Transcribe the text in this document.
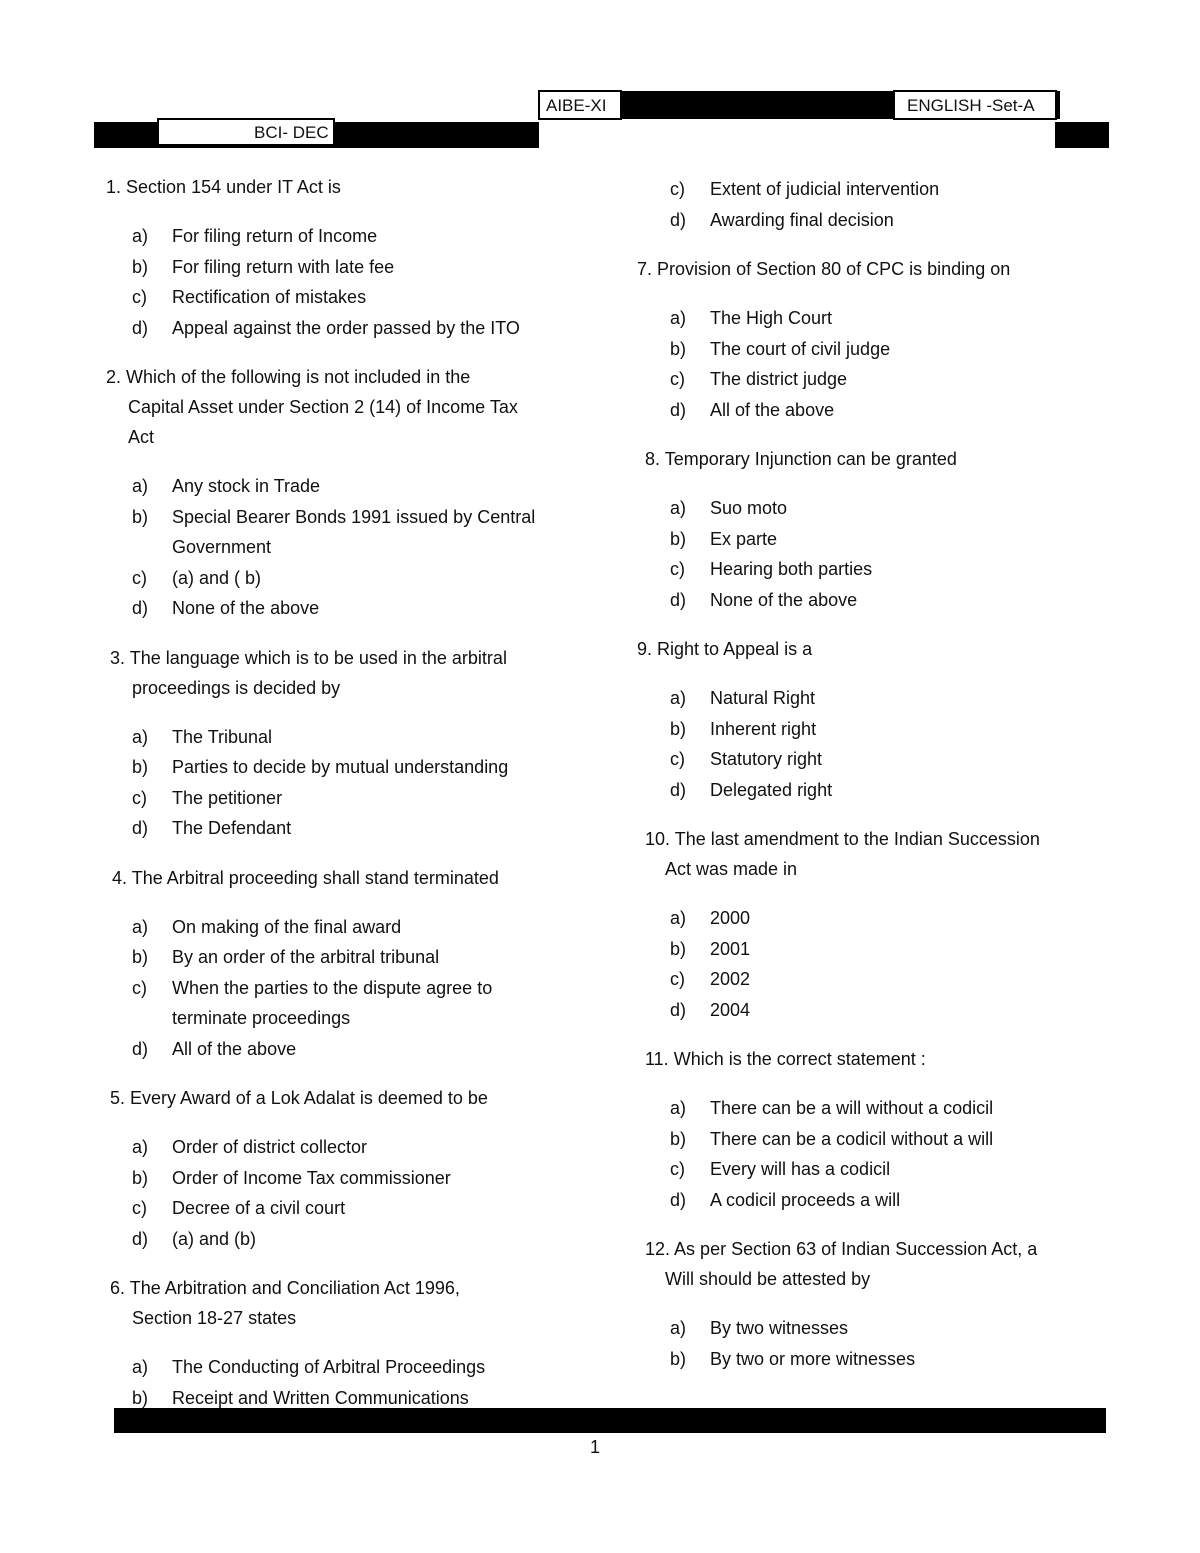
BCI- DEC
AIBE-XI	ENGLISH -Set-A
1. Section 154 under IT Act is
a)	For filing return of Income
b)	For filing return with late fee
c)	Rectification of mistakes
d)	Appeal against the order passed by the ITO
2. Which of the following is not included in the
Capital Asset under Section 2 (14) of Income Tax
Act
a)	Any stock in Trade
b)	Special Bearer Bonds 1991 issued by Central
Government
c)	(a) and ( b)
d)	None of the above
3. The language which is to be used in the arbitral
proceedings is decided by
a)	The Tribunal
b)	Parties to decide by mutual understanding
c)	The petitioner
d)	The Defendant
4. The Arbitral proceeding shall stand terminated
a)	On making of the final award
b)	By an order of the arbitral tribunal
c)	When the parties to the dispute agree to
terminate proceedings
d)	All of the above
5. Every Award of a Lok Adalat is deemed to be
a)	Order of district collector
b)	Order of Income Tax commissioner
c)	Decree of a civil court
d)	(a) and (b)
6. The Arbitration and Conciliation Act 1996,
Section 18-27 states
a)	The Conducting of Arbitral Proceedings
b)	Receipt and Written Communications
c)	Extent of judicial intervention
d)	Awarding final decision
7. Provision of Section 80 of CPC is binding on
a)	The High Court
b)	The court of civil judge
c)	The district judge
d)	All of the above
8. Temporary Injunction can be granted
a)	Suo moto
b)	Ex parte
c)	Hearing both parties
d)	None of the above
9. Right to Appeal is a
a)	Natural Right
b)	Inherent right
c)	Statutory right
d)	Delegated right
10. The last amendment to the Indian Succession
Act was made in
a)	2000
b)	2001
c)	2002
d)	2004
11. Which is the correct statement :
a)	There can be a will without a codicil
b)	There can be a codicil without a will
c)	Every will has a codicil
d)	A codicil proceeds a will
12. As per Section 63 of Indian Succession Act, a
Will should be attested by
a)	By two witnesses
b)	By two or more witnesses
1
